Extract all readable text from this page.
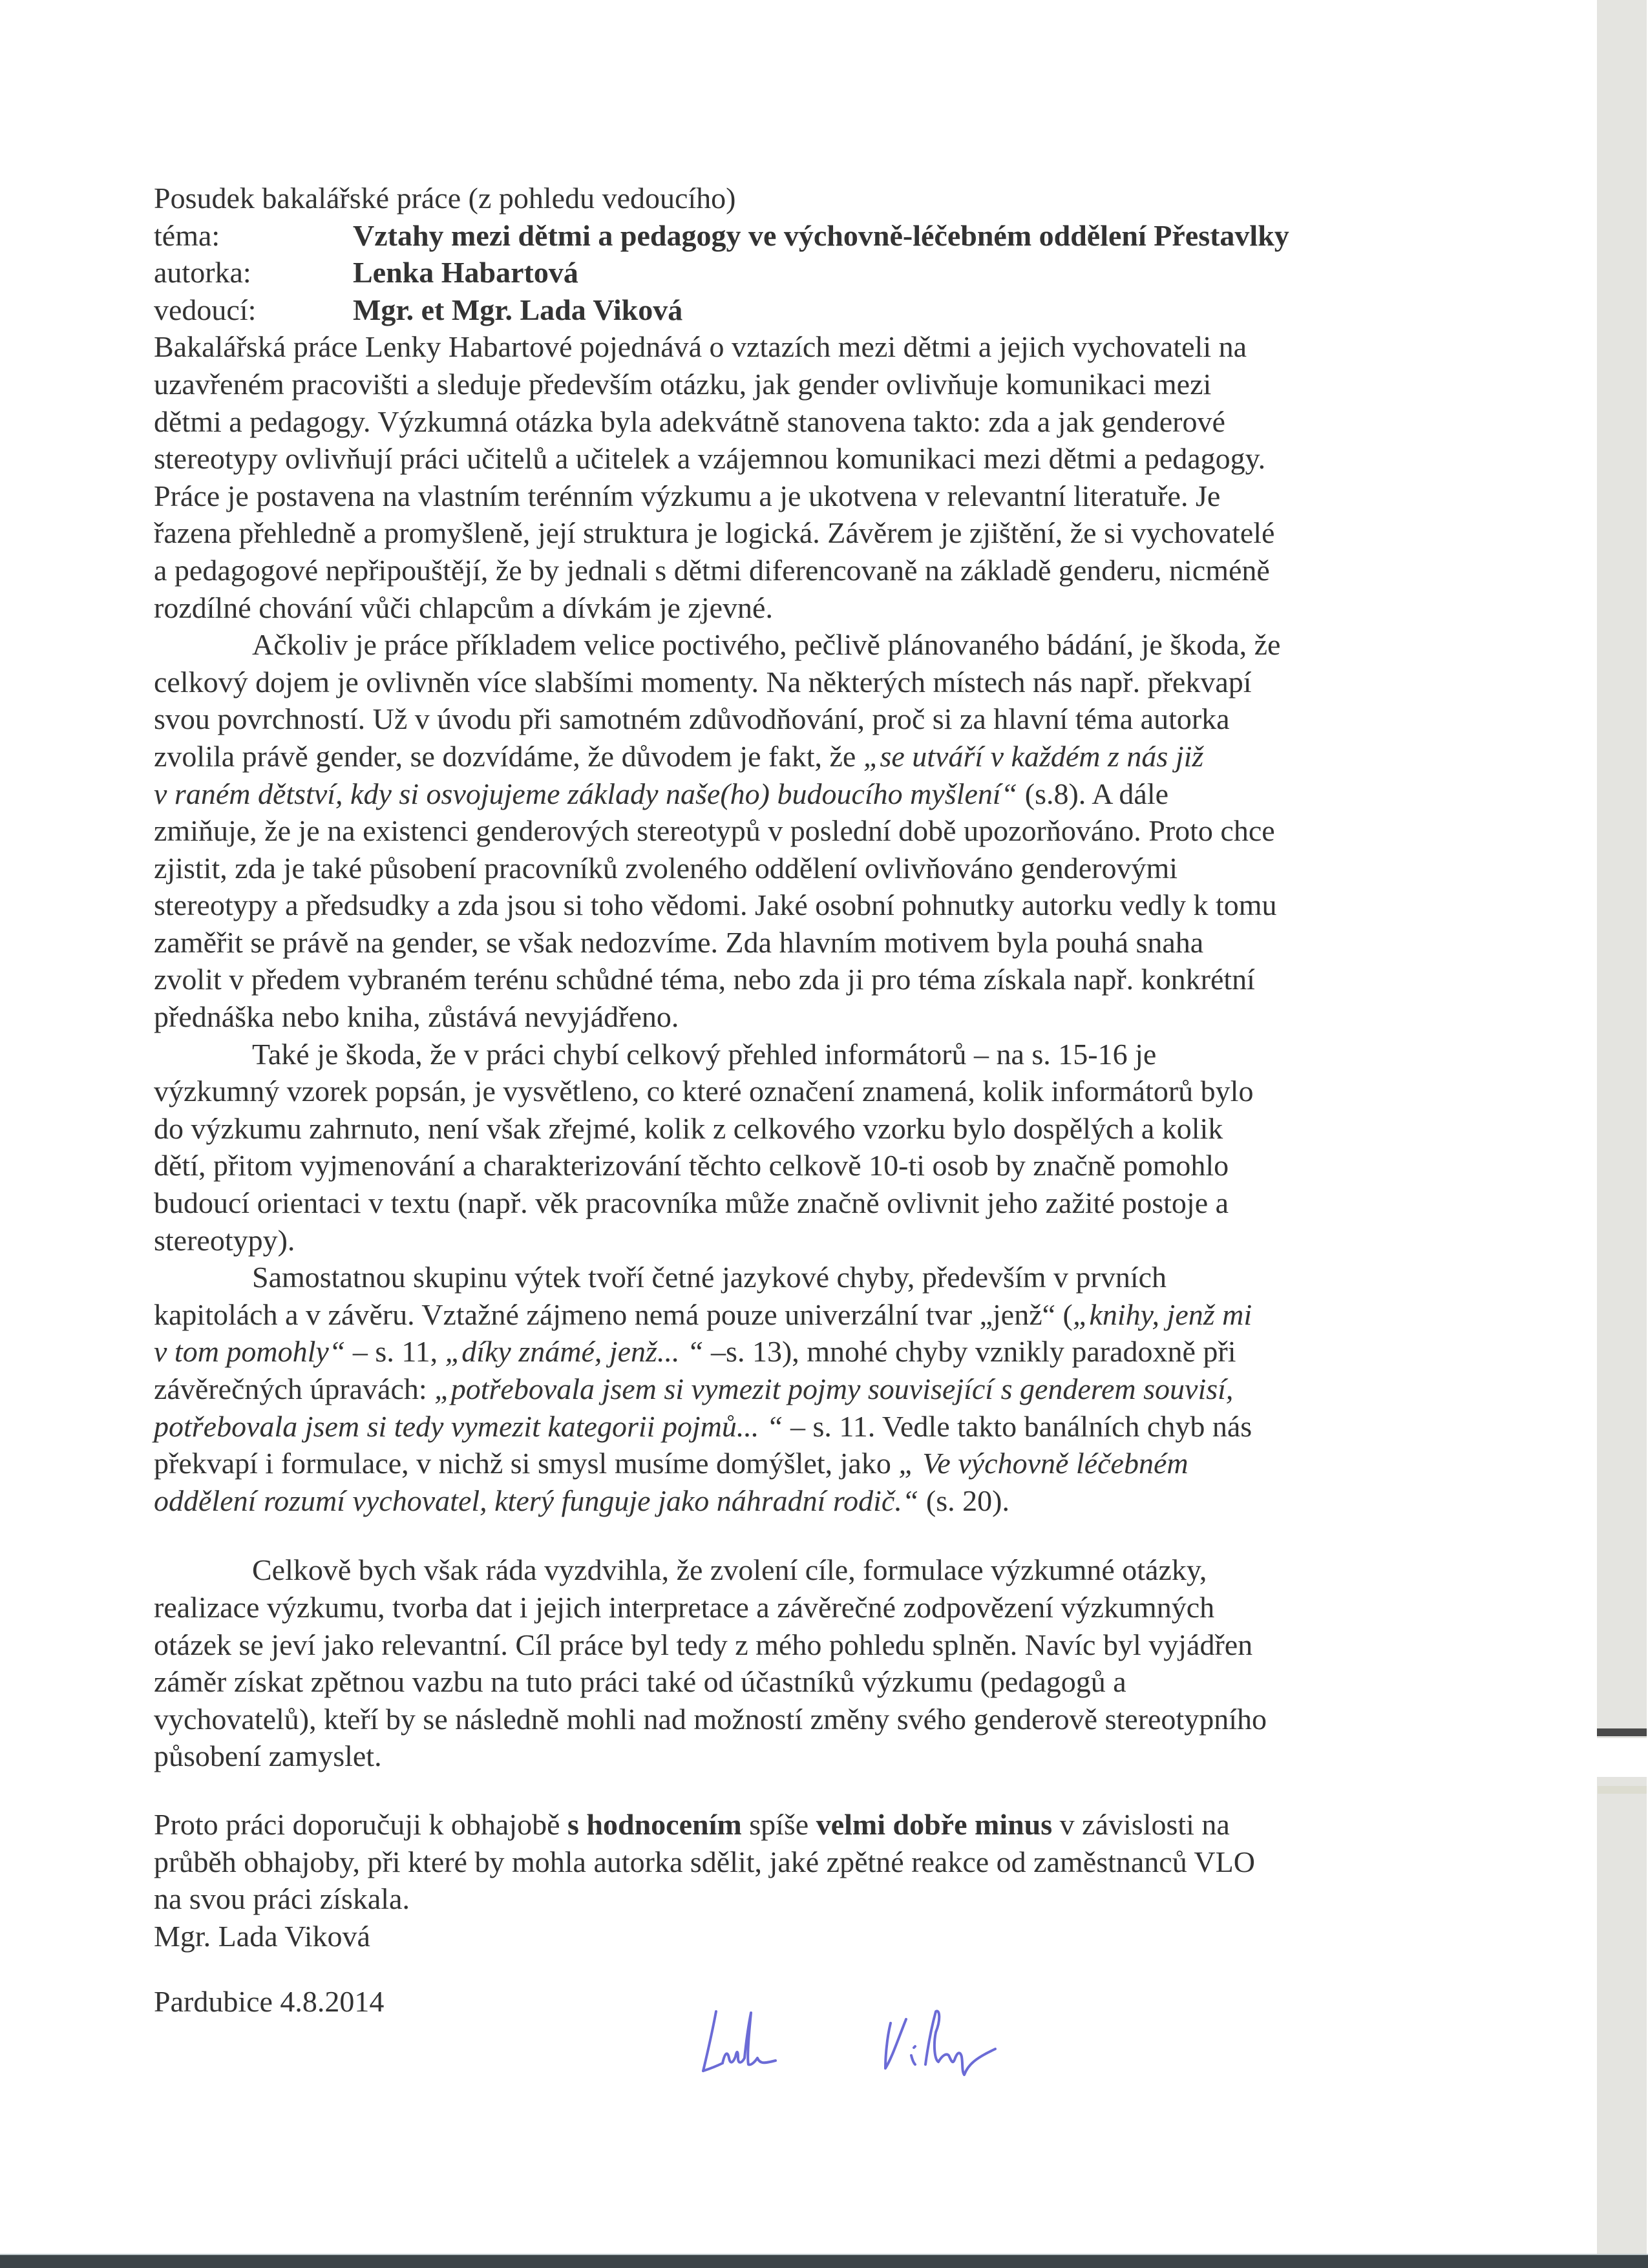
Posudek bakalářské práce (z pohledu vedoucího)

téma:	Vztahy mezi dětmi a pedagogy ve výchovně-léčebném oddělení Přestavlky
autorka:	Lenka Habartová
vedoucí:	Mgr. et Mgr. Lada Viková

Bakalářská práce Lenky Habartové pojednává o vztazích mezi dětmi a jejich vychovateli na

uzavřeném pracovišti a sleduje především otázku, jak gender ovlivňuje komunikaci mezi

dětmi a pedagogy. Výzkumná otázka byla adekvátně stanovena takto: zda a jak genderové

stereotypy ovlivňují práci učitelů a učitelek a vzájemnou komunikaci mezi dětmi a pedagogy.

Práce je postavena na vlastním terénním výzkumu a je ukotvena v relevantní literatuře. Je

řazena přehledně a promyšleně, její struktura je logická. Závěrem je zjištění, že si vychovatelé

a pedagogové nepřipouštějí, že by jednali s dětmi diferencovaně na základě genderu, nicméně

rozdílné chování vůči chlapcům a dívkám je zjevné.

Ačkoliv je práce příkladem velice poctivého, pečlivě plánovaného bádání, je škoda, že

celkový dojem je ovlivněn více slabšími momenty. Na některých místech nás např. překvapí

svou povrchností. Už v úvodu při samotném zdůvodňování, proč si za hlavní téma autorka

zvolila právě gender, se dozvídáme, že důvodem je fakt, že „se utváří v každém z nás již

v raném dětství, kdy si osvojujeme základy naše(ho) budoucího myšlení“ (s.8). A dále

zmiňuje, že je na existenci genderových stereotypů v poslední době upozorňováno. Proto chce

zjistit, zda je také působení pracovníků zvoleného oddělení ovlivňováno genderovými

stereotypy a předsudky a zda jsou si toho vědomi. Jaké osobní pohnutky autorku vedly k tomu

zaměřit se právě na gender, se však nedozvíme. Zda hlavním motivem byla pouhá snaha

zvolit v předem vybraném terénu schůdné téma, nebo zda ji pro téma získala např. konkrétní

přednáška nebo kniha, zůstává nevyjádřeno.

Také je škoda, že v práci chybí celkový přehled informátorů – na s. 15-16 je

výzkumný vzorek popsán, je vysvětleno, co které označení znamená, kolik informátorů bylo

do výzkumu zahrnuto, není však zřejmé, kolik z celkového vzorku bylo dospělých a kolik

dětí, přitom vyjmenování a charakterizování těchto celkově 10-ti osob by značně pomohlo

budoucí orientaci v textu (např. věk pracovníka může značně ovlivnit jeho zažité postoje a

stereotypy).

Samostatnou skupinu výtek tvoří četné jazykové chyby, především v prvních

kapitolách a v závěru. Vztažné zájmeno nemá pouze univerzální tvar „jenž“ („knihy, jenž mi

v tom pomohly“ – s. 11, „díky známé, jenž... “ –s. 13), mnohé chyby vznikly paradoxně při

závěrečných úpravách: „potřebovala jsem si vymezit pojmy související s genderem souvisí,

potřebovala jsem si tedy vymezit kategorii pojmů... “ – s. 11. Vedle takto banálních chyb nás

překvapí i formulace, v nichž si smysl musíme domýšlet, jako „ Ve výchovně léčebném

oddělení rozumí vychovatel, který funguje jako náhradní rodič.“ (s. 20).

Celkově bych však ráda vyzdvihla, že zvolení cíle, formulace výzkumné otázky,

realizace výzkumu, tvorba dat i jejich interpretace a závěrečné zodpovězení výzkumných

otázek se jeví jako relevantní. Cíl práce byl tedy z mého pohledu splněn. Navíc byl vyjádřen

záměr získat zpětnou vazbu na tuto práci také od účastníků výzkumu (pedagogů a

vychovatelů), kteří by se následně mohli nad možností změny svého genderově stereotypního

působení zamyslet.

Proto práci doporučuji k obhajobě s hodnocením spíše velmi dobře minus v závislosti na

průběh obhajoby, při které by mohla autorka sdělit, jaké zpětné reakce od zaměstnanců VLO

na svou práci získala.

Mgr. Lada Viková

Pardubice 4.8.2014
